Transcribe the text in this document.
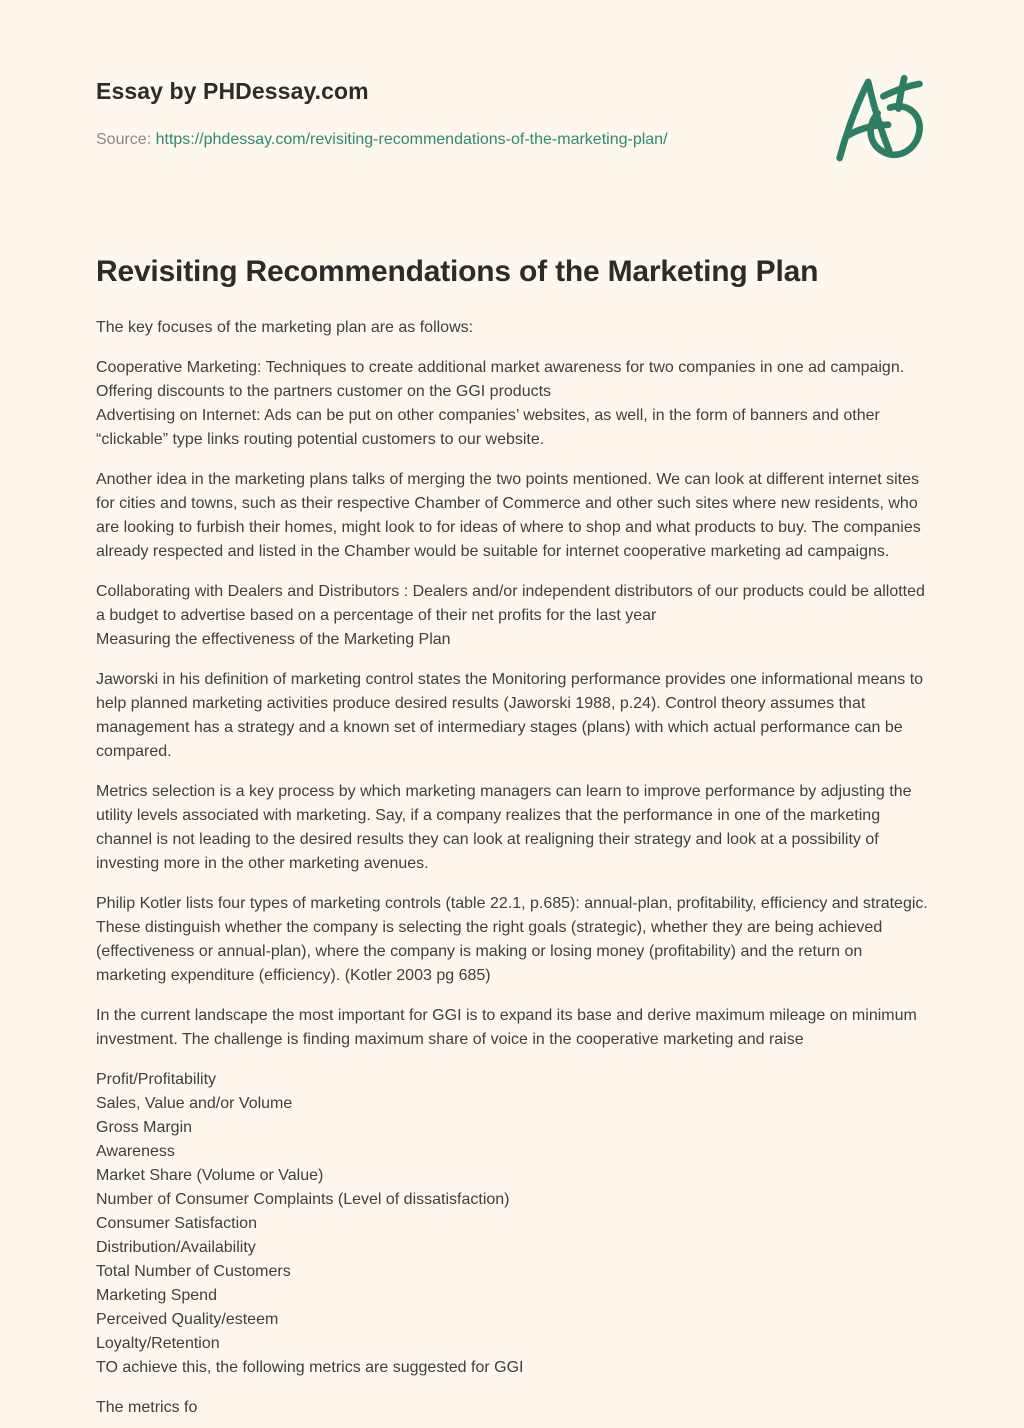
Essay by PHDessay.com
Source: https://phdessay.com/revisiting-recommendations-of-the-marketing-plan/
Revisiting Recommendations of the Marketing Plan

The key focuses of the marketing plan are as follows:

Cooperative Marketing: Techniques to create additional market awareness for two companies in one ad campaign. Offering discounts to the partners customer on the GGI products
Advertising on Internet: Ads can be put on other companies’ websites, as well, in the form of banners and other “clickable” type links routing potential customers to our website.

Another idea in the marketing plans talks of merging the two points mentioned. We can look at different internet sites for cities and towns, such as their respective Chamber of Commerce and other such sites where new residents, who are looking to furbish their homes, might look to for ideas of where to shop and what products to buy. The companies already respected and listed in the Chamber would be suitable for internet cooperative marketing ad campaigns.

Collaborating with Dealers and Distributors : Dealers and/or independent distributors of our products could be allotted a budget to advertise based on a percentage of their net profits for the last year
Measuring the effectiveness of the Marketing Plan

Jaworski in his definition of marketing control states the Monitoring performance provides one informational means to help planned marketing activities produce desired results (Jaworski 1988, p.24). Control theory assumes that management has a strategy and a known set of intermediary stages (plans) with which actual performance can be compared.

Metrics selection is a key process by which marketing managers can learn to improve performance by adjusting the utility levels associated with marketing. Say, if a company realizes that the performance in one of the marketing channel is not leading to the desired results they can look at realigning their strategy and look at a possibility of investing more in the other marketing avenues.

Philip Kotler lists four types of marketing controls (table 22.1, p.685): annual-plan, profitability, efficiency and strategic. These distinguish whether the company is selecting the right goals (strategic), whether they are being achieved (effectiveness or annual-plan), where the company is making or losing money (profitability) and the return on marketing expenditure (efficiency). (Kotler 2003 pg 685)

In the current landscape the most important for GGI is to expand its base and derive maximum mileage on minimum investment. The challenge is finding maximum share of voice in the cooperative marketing and raise

Profit/Profitability
Sales, Value and/or Volume
Gross Margin
Awareness
Market Share (Volume or Value)
Number of Consumer Complaints (Level of dissatisfaction)
Consumer Satisfaction
Distribution/Availability
Total Number of Customers
Marketing Spend
Perceived Quality/esteem
Loyalty/Retention
TO achieve this, the following metrics are suggested for GGI

The metrics fo
